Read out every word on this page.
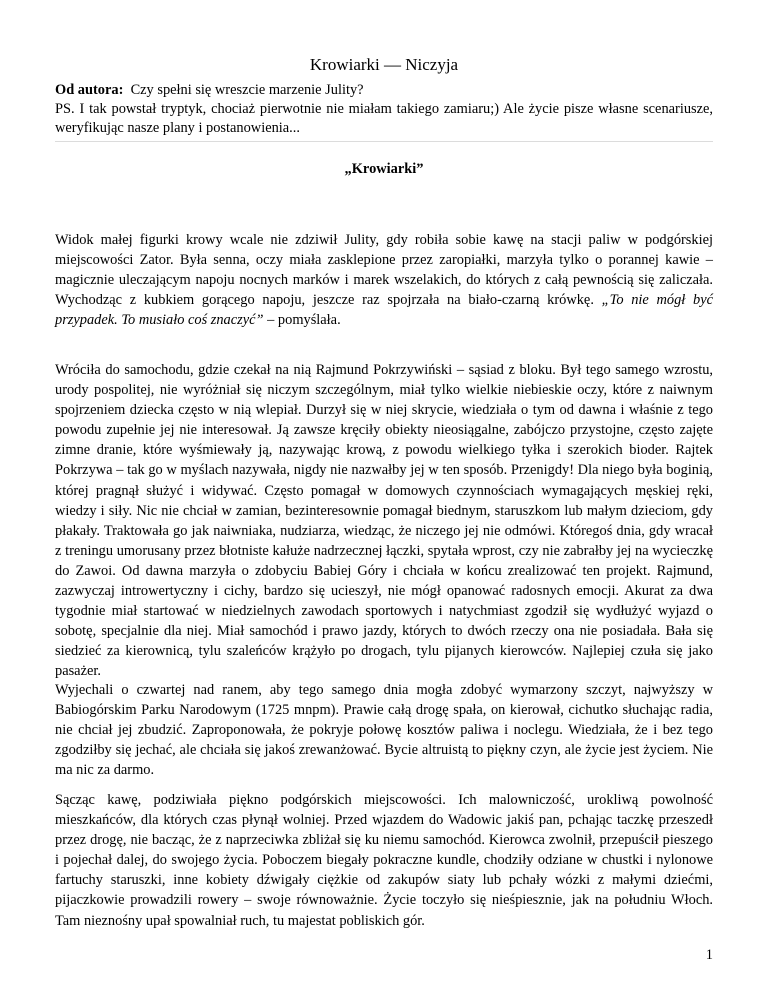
Krowiarki — Niczyja
Od autora: Czy spełni się wreszcie marzenie Julity?
PS. I tak powstał tryptyk, chociaż pierwotnie nie miałam takiego zamiaru;) Ale życie pisze własne scenariusze, weryfikując nasze plany i postanowienia...
„Krowiarki”

Widok małej figurki krowy wcale nie zdziwił Julity, gdy robiła sobie kawę na stacji paliw w podgórskiej miejscowości Zator. Była senna, oczy miała zasklepione przez zaropiałki, marzyła tylko o porannej kawie – magicznie uleczającym napoju nocnych marków i marek wszelakich, do których z całą pewnością się zaliczała. Wychodząc z kubkiem gorącego napoju, jeszcze raz spojrzała na biało-czarną krówkę. „To nie mógł być przypadek. To musiało coś znaczyć” – pomyślała.

Wróciła do samochodu, gdzie czekał na nią Rajmund Pokrzywiński – sąsiad z bloku. Był tego samego wzrostu, urody pospolitej, nie wyróżniał się niczym szczególnym, miał tylko wielkie niebieskie oczy, które z naiwnym spojrzeniem dziecka często w nią wlepiał. Durzył się w niej skrycie, wiedziała o tym od dawna i właśnie z tego powodu zupełnie jej nie interesował. Ją zawsze kręciły obiekty nieosiągalne, zabójczo przystojne, często zajęte zimne dranie, które wyśmiewały ją, nazywając krową, z powodu wielkiego tyłka i szerokich bioder. Rajtek Pokrzywa – tak go w myślach nazywała, nigdy nie nazwałby jej w ten sposób. Przenigdy! Dla niego była boginią, której pragnął służyć i widywać. Często pomagał w domowych czynnościach wymagających męskiej ręki, wiedzy i siły. Nic nie chciał w zamian, bezinteresownie pomagał biednym, staruszkom lub małym dzieciom, gdy płakały. Traktowała go jak naiwniaka, nudziarza, wiedząc, że niczego jej nie odmówi. Któregoś dnia, gdy wracał z treningu umorusany przez błotniste kałuże nadrzecznej łączki, spytała wprost, czy nie zabrałby jej na wycieczkę do Zawoi. Od dawna marzyła o zdobyciu Babiej Góry i chciała w końcu zrealizować ten projekt. Rajmund, zazwyczaj introwertyczny i cichy, bardzo się ucieszył, nie mógł opanować radosnych emocji. Akurat za dwa tygodnie miał startować w niedzielnych zawodach sportowych i natychmiast zgodził się wydłużyć wyjazd o sobotę, specjalnie dla niej. Miał samochód i prawo jazdy, których to dwóch rzeczy ona nie posiadała. Bała się siedzieć za kierownicą, tylu szaleńców krążyło po drogach, tylu pijanych kierowców. Najlepiej czuła się jako pasażer.

Wyjechali o czwartej nad ranem, aby tego samego dnia mogła zdobyć wymarzony szczyt, najwyższy w Babiogórskim Parku Narodowym (1725 mnpm). Prawie całą drogę spała, on kierował, cichutko słuchając radia, nie chciał jej zbudzić. Zaproponowała, że pokryje połowę kosztów paliwa i noclegu. Wiedziała, że i bez tego zgodziłby się jechać, ale chciała się jakoś zrewanżować. Bycie altruistą to piękny czyn, ale życie jest życiem. Nie ma nic za darmo.

Sącząc kawę, podziwiała piękno podgórskich miejscowości. Ich malowniczość, urokliwą powolność mieszkańców, dla których czas płynął wolniej. Przed wjazdem do Wadowic jakiś pan, pchając taczkę przeszedł przez drogę, nie bacząc, że z naprzeciwka zbliżał się ku niemu samochód. Kierowca zwolnił, przepuścił pieszego i pojechał dalej, do swojego życia. Poboczem biegały pokraczne kundle, chodziły odziane w chustki i nylonowe fartuchy staruszki, inne kobiety dźwigały ciężkie od zakupów siaty lub pchały wózki z małymi dziećmi, pijaczkowie prowadzili rowery – swoje równoważnie. Życie toczyło się nieśpiesznie, jak na południu Włoch. Tam nieznośny upał spowalniał ruch, tu majestat pobliskich gór.

1
